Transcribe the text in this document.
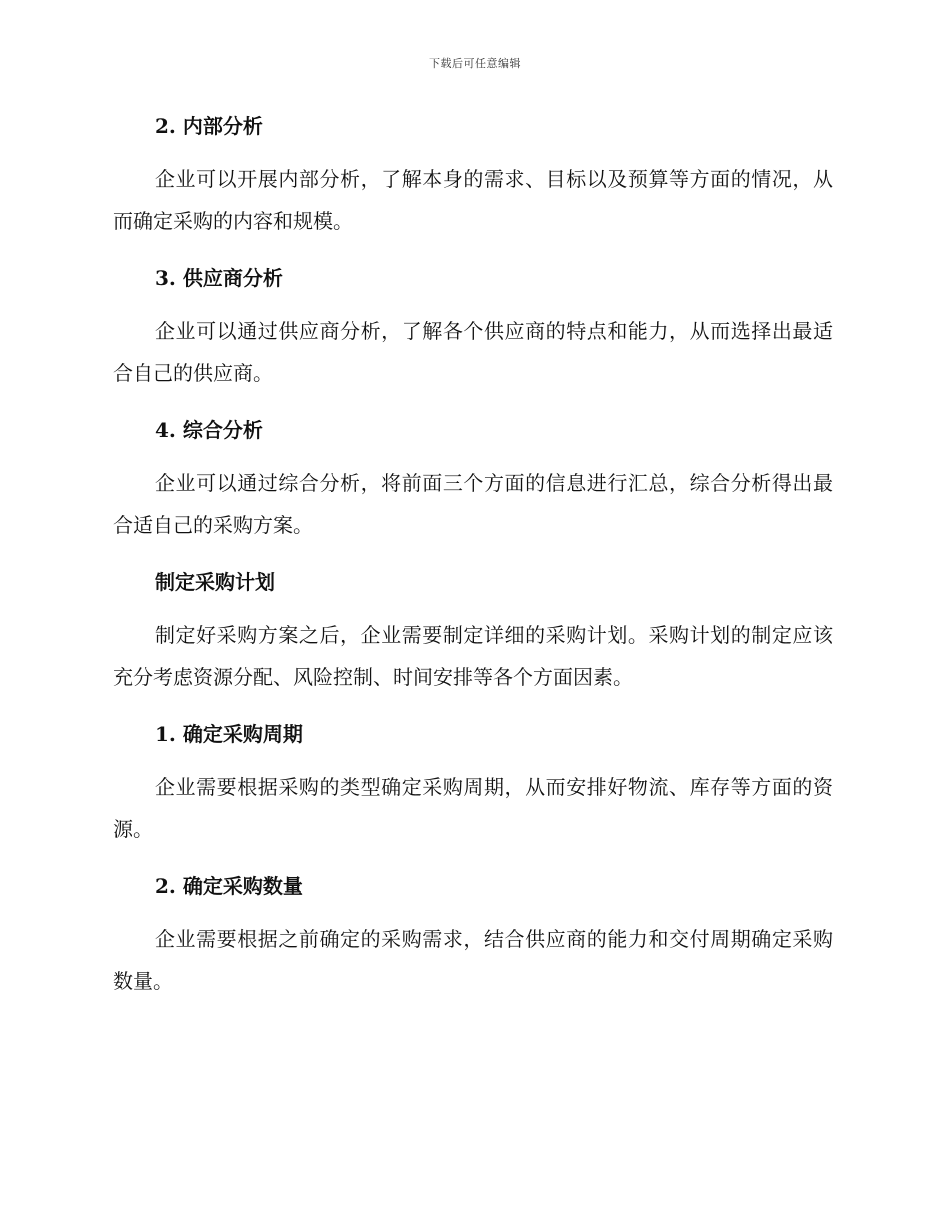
下载后可任意编辑
2. 内部分析

企业可以开展内部分析，了解本身的需求、目标以及预算等方面的情况，从而确定采购的内容和规模。

3. 供应商分析

企业可以通过供应商分析，了解各个供应商的特点和能力，从而选择出最适合自己的供应商。

4. 综合分析

企业可以通过综合分析，将前面三个方面的信息进行汇总，综合分析得出最合适自己的采购方案。

制定采购计划

制定好采购方案之后，企业需要制定详细的采购计划。采购计划的制定应该充分考虑资源分配、风险控制、时间安排等各个方面因素。

1. 确定采购周期

企业需要根据采购的类型确定采购周期，从而安排好物流、库存等方面的资源。

2. 确定采购数量

企业需要根据之前确定的采购需求，结合供应商的能力和交付周期确定采购数量。
